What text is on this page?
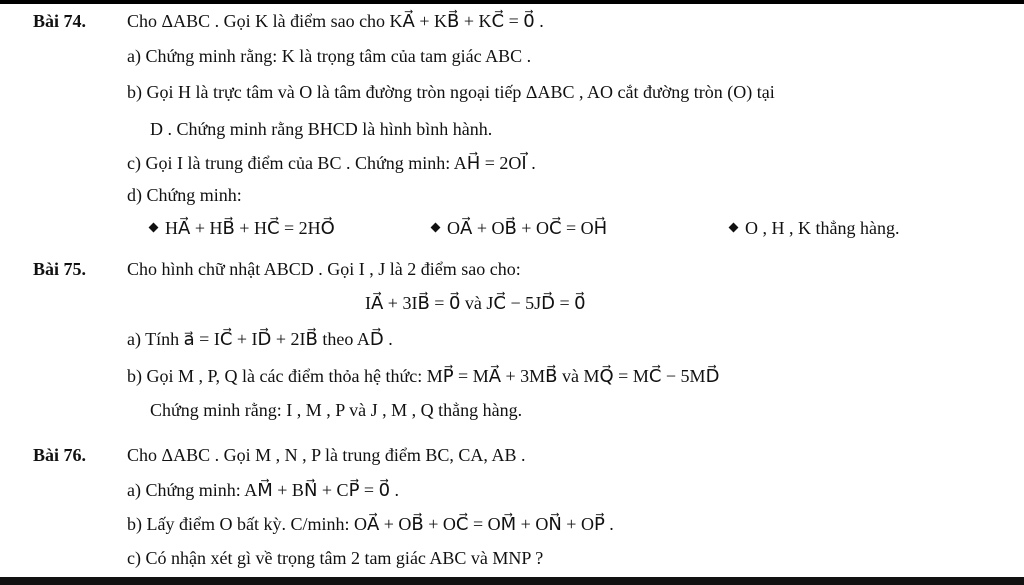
Bài 74. Cho ΔABC . Gọi K là điểm sao cho KA⃗ + KB⃗ + KC⃗ = 0⃗ .
a) Chứng minh rằng: K là trọng tâm của tam giác ABC .
b) Gọi H là trực tâm và O là tâm đường tròn ngoại tiếp ΔABC , AO cắt đường tròn (O) tại
D . Chứng minh rằng BHCD là hình bình hành.
c) Gọi I là trung điểm của BC . Chứng minh: AH⃗ = 2OI⃗ .
d) Chứng minh:
HA⃗ + HB⃗ + HC⃗ = 2HO⃗	OA⃗ + OB⃗ + OC⃗ = OH⃗	O , H , K thẳng hàng.
Bài 75. Cho hình chữ nhật ABCD . Gọi I , J là 2 điểm sao cho:
IA⃗ + 3IB⃗ = 0⃗ và JC⃗ − 5JD⃗ = 0⃗
a) Tính a⃗ = IC⃗ + ID⃗ + 2IB⃗ theo AD⃗ .
b) Gọi M , P, Q là các điểm thỏa hệ thức: MP⃗ = MA⃗ + 3MB⃗ và MQ⃗ = MC⃗ − 5MD⃗
Chứng minh rằng: I , M , P và J , M , Q thẳng hàng.
Bài 76. Cho ΔABC . Gọi M , N , P là trung điểm BC, CA, AB .
a) Chứng minh: AM⃗ + BN⃗ + CP⃗ = 0⃗ .
b) Lấy điểm O bất kỳ. C/minh: OA⃗ + OB⃗ + OC⃗ = OM⃗ + ON⃗ + OP⃗ .
c) Có nhận xét gì về trọng tâm 2 tam giác ABC và MNP ?
